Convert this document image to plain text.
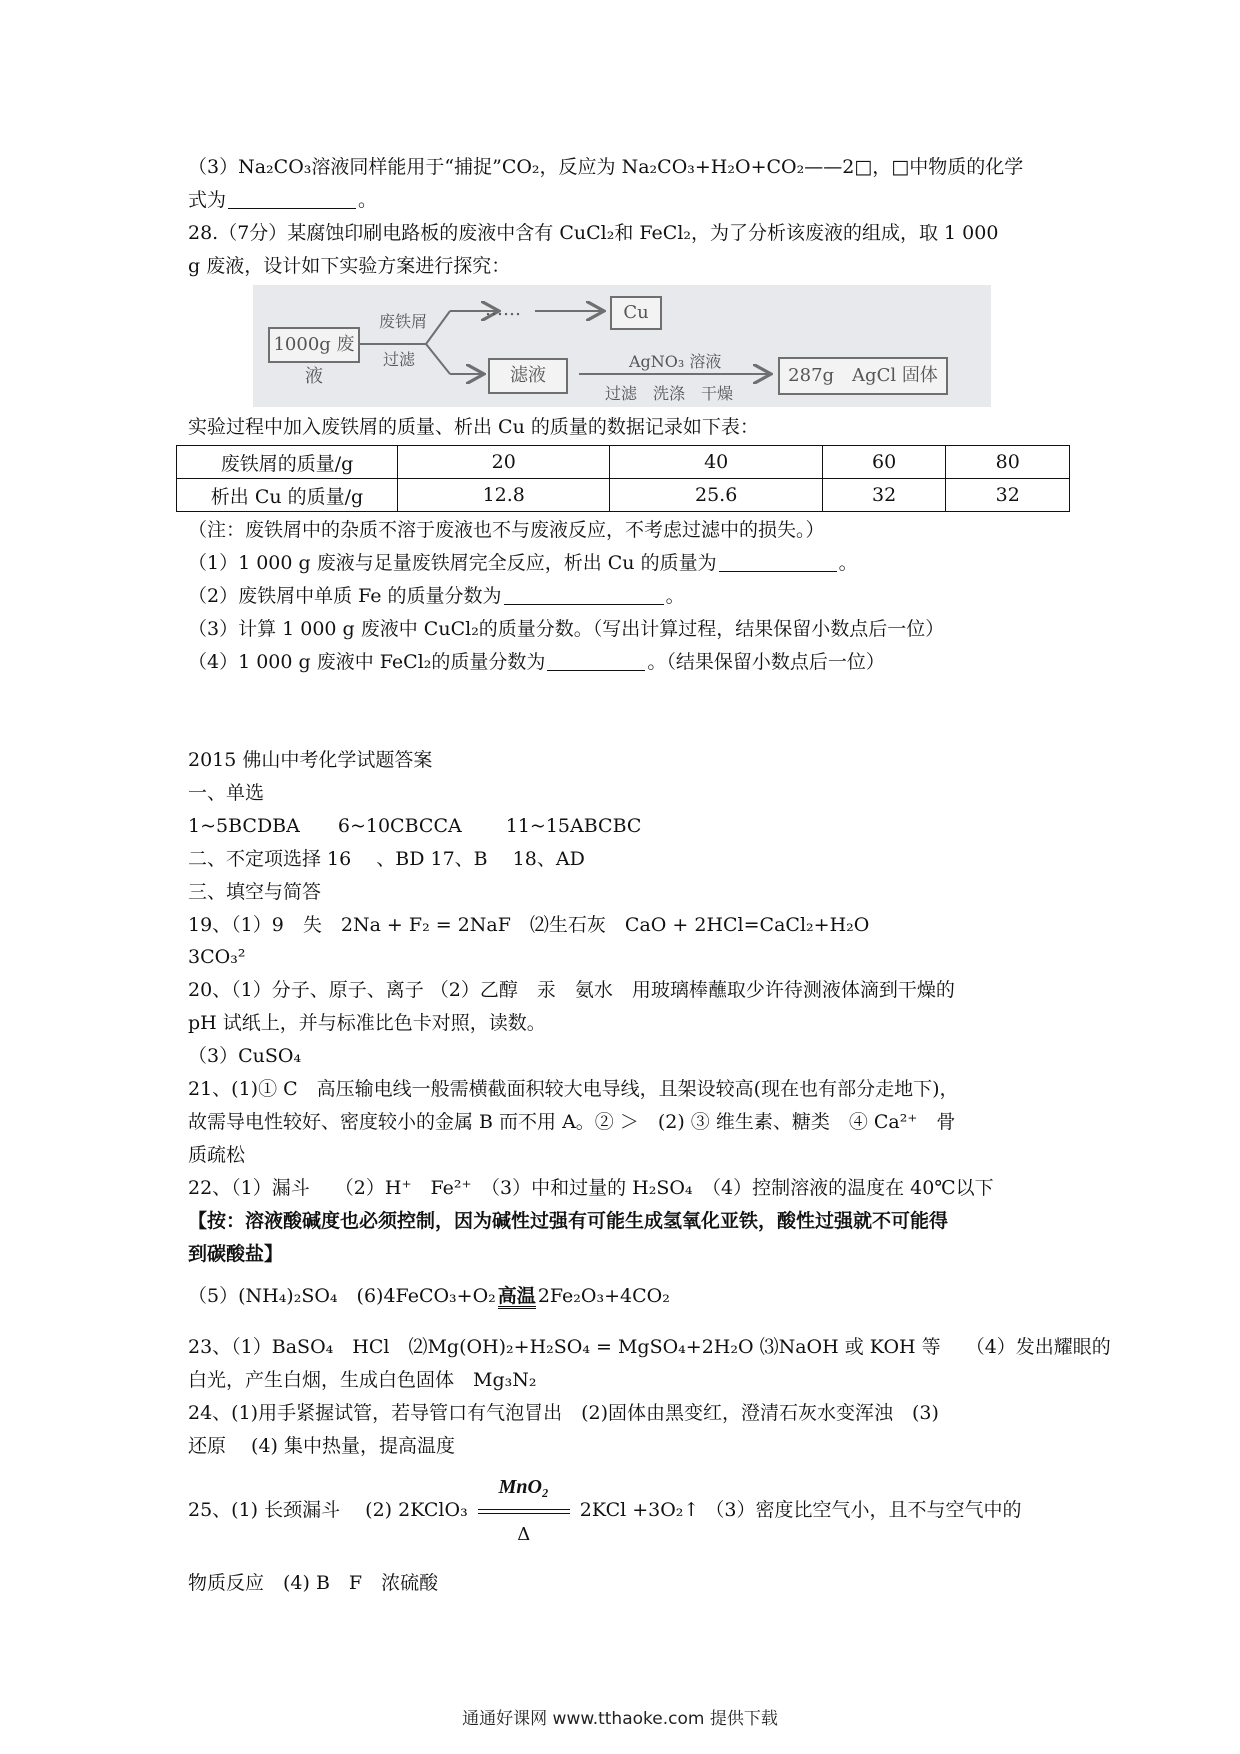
（3）Na₂CO₃溶液同样能用于“捕捉”CO₂，反应为 Na₂CO₃+H₂O+CO₂——2□，□中物质的化学
式为	。
28.（7分）某腐蚀印刷电路板的废液中含有 CuCl₂和 FeCl₂，为了分析该废液的组成，取 1 000
g 废液，设计如下实验方案进行探究：
1000g 废液
废铁屑
过滤
……	Cu
滤液
AgNO₃ 溶液
过滤　洗涤　干燥
287g　AgCl 固体
实验过程中加入废铁屑的质量、析出 Cu 的质量的数据记录如下表：
废铁屑的质量/g	20	40	60	80
析出 Cu 的质量/g	12.8	25.6	32	32
（注：废铁屑中的杂质不溶于废液也不与废液反应，不考虑过滤中的损失。）
（1）1 000 g 废液与足量废铁屑完全反应，析出 Cu 的质量为	。
（2）废铁屑中单质 Fe 的质量分数为	。
（3）计算 1 000 g 废液中 CuCl₂的质量分数。（写出计算过程，结果保留小数点后一位）
（4）1 000 g 废液中 FeCl₂的质量分数为	。（结果保留小数点后一位）
2015 佛山中考化学试题答案
一、单选
1~5BCDBA　　6~10CBCCA　　 11~15ABCBC
二、不定项选择 16　 、BD 17、B　 18、AD
三、填空与简答
19、（1）9　失　2Na + F₂ = 2NaF　⑵生石灰　CaO + 2HCl=CaCl₂+H₂O
3CO₃²
20、（1）分子、原子、离子 （2）乙醇　汞　氨水　用玻璃棒蘸取少许待测液体滴到干燥的
pH 试纸上，并与标准比色卡对照，读数。
（3）CuSO₄
21、(1)① C　高压输电线一般需横截面积较大电导线，且架设较高(现在也有部分走地下)，
故需导电性较好、密度较小的金属 B 而不用 A。② ＞　(2) ③ 维生素、糖类　④ Ca²⁺　骨
质疏松
22、（1）漏斗　 （2）H⁺　Fe²⁺　（3）中和过量的 H₂SO₄　（4）控制溶液的温度在 40℃以下
【按：溶液酸碱度也必须控制，因为碱性过强有可能生成氢氧化亚铁，酸性过强就不可能得
到碳酸盐】
（5）(NH₄)₂SO₄　(6)4FeCO₃+O₂ 高温 2Fe₂O₃+4CO₂
23、（1）BaSO₄　HCl　⑵Mg(OH)₂+H₂SO₄ = MgSO₄+2H₂O ⑶NaOH 或 KOH 等　 （4）发出耀眼的
白光，产生白烟，生成白色固体　Mg₃N₂
24、(1)用手紧握试管，若导管口有气泡冒出　(2)固体由黑变红，澄清石灰水变浑浊　(3)
还原　 (4) 集中热量，提高温度
25、(1) 长颈漏斗　 (2) 2KClO₃
MnO₂
Δ
2KCl +3O₂↑ （3）密度比空气小，且不与空气中的
物质反应　(4) B　F　浓硫酸
通通好课网 www.tthaoke.com 提供下载
